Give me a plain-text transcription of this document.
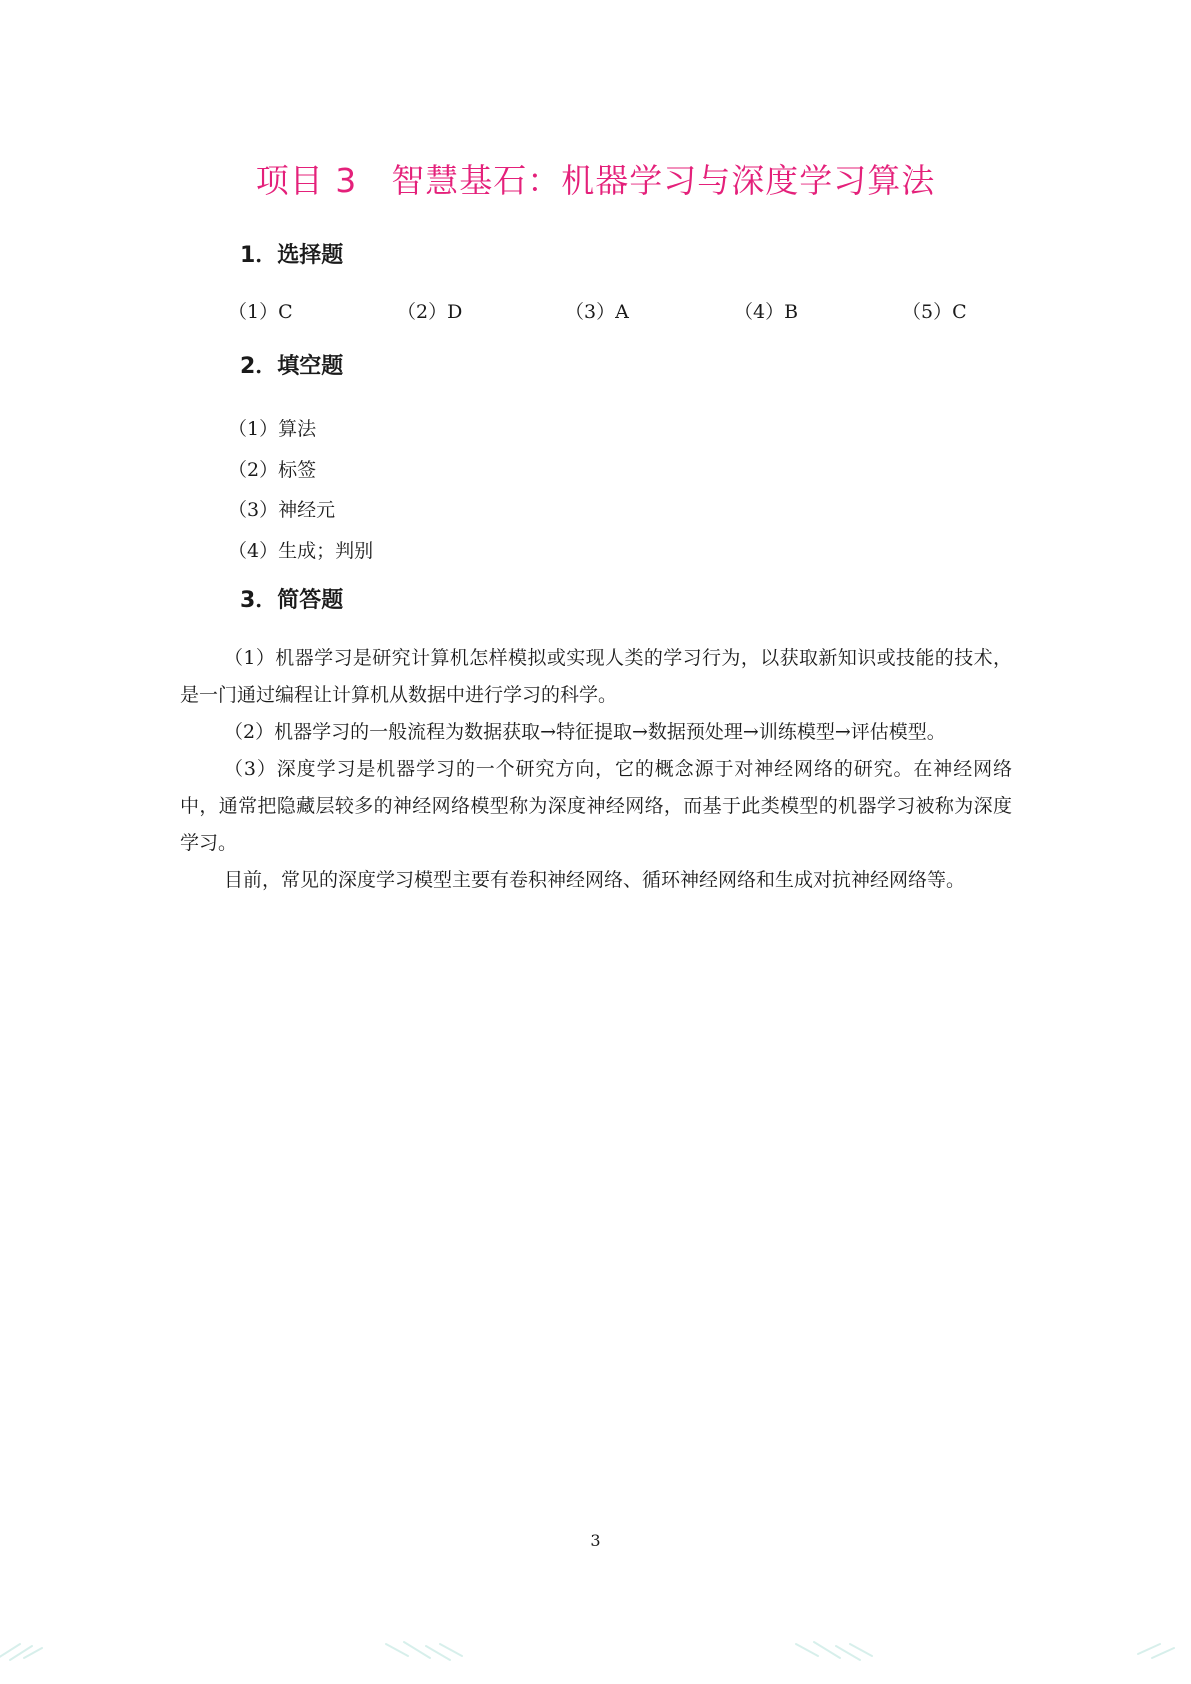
项目 3　智慧基石：机器学习与深度学习算法
1．选择题
（1）C	（2）D	（3）A	（4）B	（5）C
2．填空题
（1）算法
（2）标签
（3）神经元
（4）生成；判别
3．简答题

（1）机器学习是研究计算机怎样模拟或实现人类的学习行为，以获取新知识或技能的技术，是一门通过编程让计算机从数据中进行学习的科学。

（2）机器学习的一般流程为数据获取→特征提取→数据预处理→训练模型→评估模型。

（3）深度学习是机器学习的一个研究方向，它的概念源于对神经网络的研究。在神经网络中，通常把隐藏层较多的神经网络模型称为深度神经网络，而基于此类模型的机器学习被称为深度学习。

目前，常见的深度学习模型主要有卷积神经网络、循环神经网络和生成对抗神经网络等。

3
